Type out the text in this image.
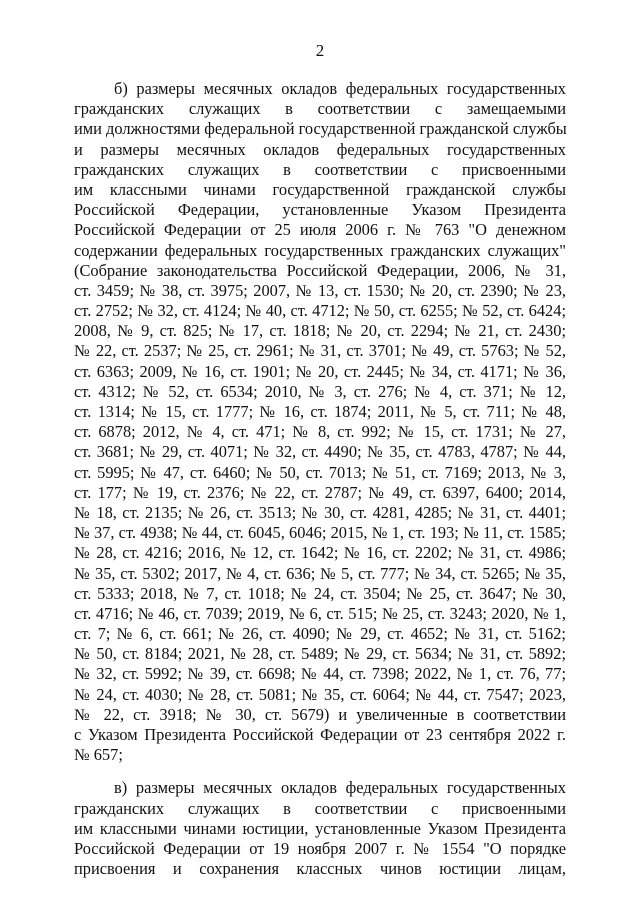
2
б) размеры месячных окладов федеральных государственных
гражданских служащих в соответствии с замещаемыми
ими должностями федеральной государственной гражданской службы
и размеры месячных окладов федеральных государственных
гражданских служащих в соответствии с присвоенными
им классными чинами государственной гражданской службы
Российской Федерации, установленные Указом Президента
Российской Федерации от 25 июля 2006 г. № 763 "О денежном
содержании федеральных государственных гражданских служащих"
(Собрание законодательства Российской Федерации, 2006, № 31,
ст. 3459; № 38, ст. 3975; 2007, № 13, ст. 1530; № 20, ст. 2390; № 23,
ст. 2752; № 32, ст. 4124; № 40, ст. 4712; № 50, ст. 6255; № 52, ст. 6424;
2008, № 9, ст. 825; № 17, ст. 1818; № 20, ст. 2294; № 21, ст. 2430;
№ 22, ст. 2537; № 25, ст. 2961; № 31, ст. 3701; № 49, ст. 5763; № 52,
ст. 6363; 2009, № 16, ст. 1901; № 20, ст. 2445; № 34, ст. 4171; № 36,
ст. 4312; № 52, ст. 6534; 2010, № 3, ст. 276; № 4, ст. 371; № 12,
ст. 1314; № 15, ст. 1777; № 16, ст. 1874; 2011, № 5, ст. 711; № 48,
ст. 6878; 2012, № 4, ст. 471; № 8, ст. 992; № 15, ст. 1731; № 27,
ст. 3681; № 29, ст. 4071; № 32, ст. 4490; № 35, ст. 4783, 4787; № 44,
ст. 5995; № 47, ст. 6460; № 50, ст. 7013; № 51, ст. 7169; 2013, № 3,
ст. 177; № 19, ст. 2376; № 22, ст. 2787; № 49, ст. 6397, 6400; 2014,
№ 18, ст. 2135; № 26, ст. 3513; № 30, ст. 4281, 4285; № 31, ст. 4401;
№ 37, ст. 4938; № 44, ст. 6045, 6046; 2015, № 1, ст. 193; № 11, ст. 1585;
№ 28, ст. 4216; 2016, № 12, ст. 1642; № 16, ст. 2202; № 31, ст. 4986;
№ 35, ст. 5302; 2017, № 4, ст. 636; № 5, ст. 777; № 34, ст. 5265; № 35,
ст. 5333; 2018, № 7, ст. 1018; № 24, ст. 3504; № 25, ст. 3647; № 30,
ст. 4716; № 46, ст. 7039; 2019, № 6, ст. 515; № 25, ст. 3243; 2020, № 1,
ст. 7; № 6, ст. 661; № 26, ст. 4090; № 29, ст. 4652; № 31, ст. 5162;
№ 50, ст. 8184; 2021, № 28, ст. 5489; № 29, ст. 5634; № 31, ст. 5892;
№ 32, ст. 5992; № 39, ст. 6698; № 44, ст. 7398; 2022, № 1, ст. 76, 77;
№ 24, ст. 4030; № 28, ст. 5081; № 35, ст. 6064; № 44, ст. 7547; 2023,
№ 22, ст. 3918; № 30, ст. 5679) и увеличенные в соответствии
с Указом Президента Российской Федерации от 23 сентября 2022 г.
№ 657;
в) размеры месячных окладов федеральных государственных
гражданских служащих в соответствии с присвоенными
им классными чинами юстиции, установленные Указом Президента
Российской Федерации от 19 ноября 2007 г. № 1554 "О порядке
присвоения и сохранения классных чинов юстиции лицам,
